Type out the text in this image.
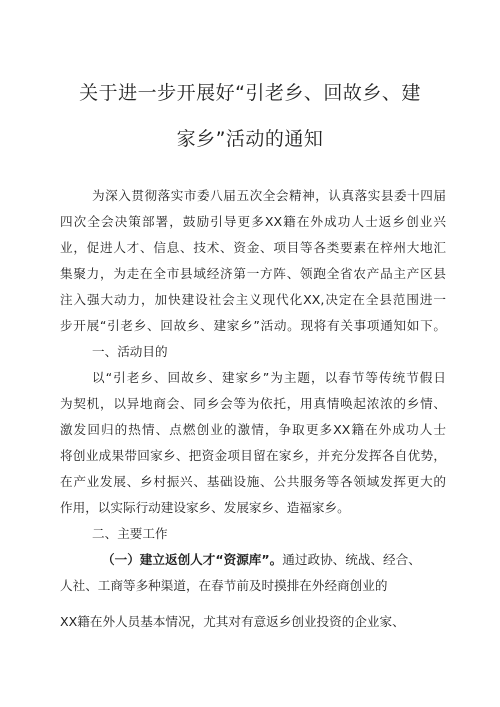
关于进一步开展好“引老乡、回故乡、建
家乡”活动的通知
为深入贯彻落实市委八届五次全会精神，认真落实县委十四届
四次全会决策部署，鼓励引导更多XX籍在外成功人士返乡创业兴
业，促进人才、信息、技术、资金、项目等各类要素在梓州大地汇
集聚力，为走在全市县域经济第一方阵、领跑全省农产品主产区县
注入强大动力，加快建设社会主义现代化XX,决定在全县范围进一
步开展“引老乡、回故乡、建家乡”活动。现将有关事项通知如下。
一、活动目的
以“引老乡、回故乡、建家乡”为主题，以春节等传统节假日
为契机，以异地商会、同乡会等为依托，用真情唤起浓浓的乡情、
激发回归的热情、点燃创业的激情，争取更多XX籍在外成功人士
将创业成果带回家乡、把资金项目留在家乡，并充分发挥各自优势，
在产业发展、乡村振兴、基础设施、公共服务等各领域发挥更大的
作用，以实际行动建设家乡、发展家乡、造福家乡。
二、主要工作
（一）建立返创人才“资源库”。通过政协、统战、经合、
人社、工商等多种渠道，在春节前及时摸排在外经商创业的
XX籍在外人员基本情况，尤其对有意返乡创业投资的企业家、
